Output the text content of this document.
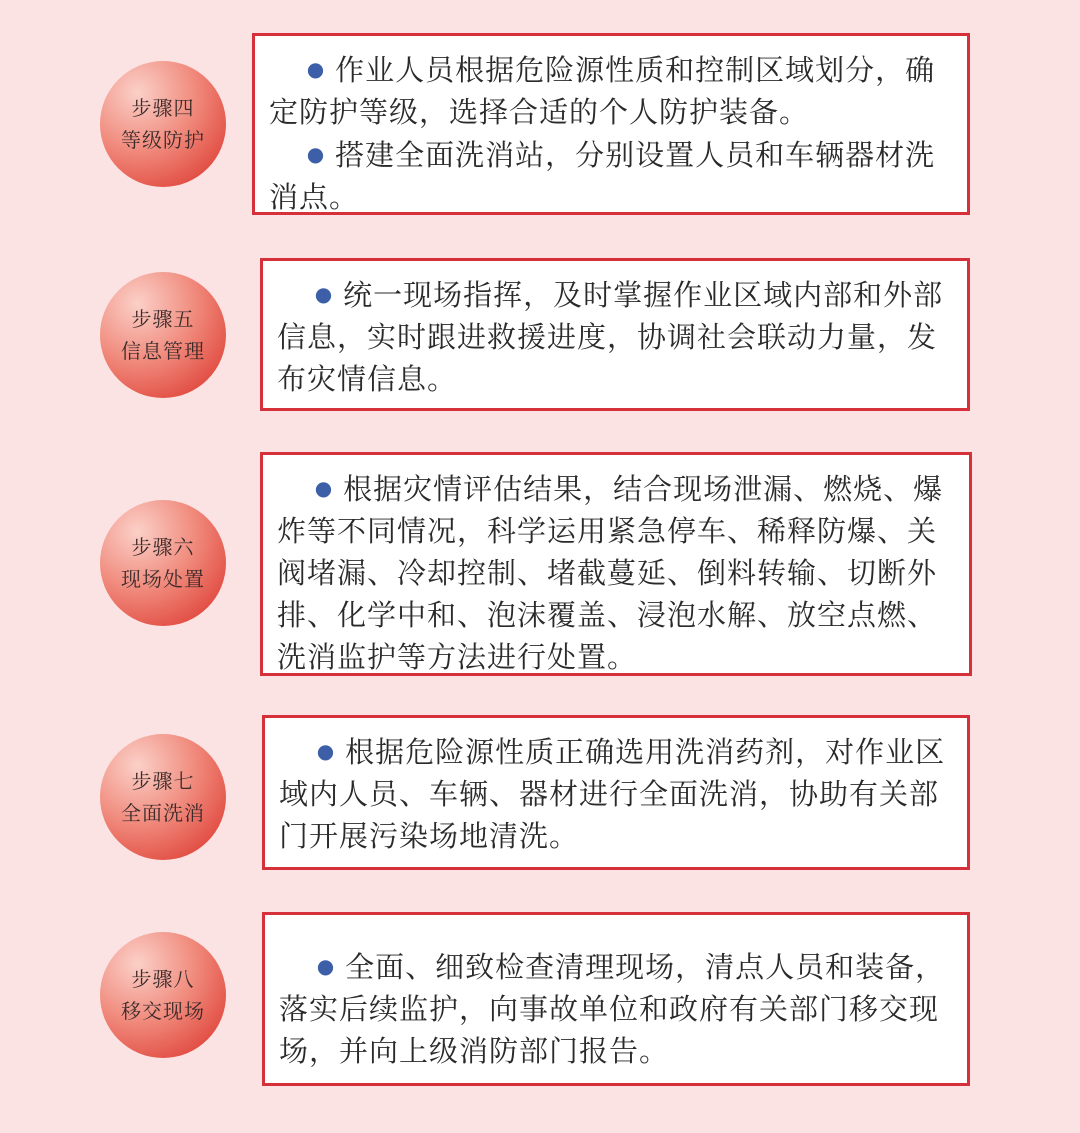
步骤四
等级防护

● 作业人员根据危险源性质和控制区域划分，确定防护等级，选择合适的个人防护装备。

● 搭建全面洗消站，分别设置人员和车辆器材洗消点。

步骤五
信息管理

● 统一现场指挥，及时掌握作业区域内部和外部信息，实时跟进救援进度，协调社会联动力量，发布灾情信息。

步骤六
现场处置

● 根据灾情评估结果，结合现场泄漏、燃烧、爆炸等不同情况，科学运用紧急停车、稀释防爆、关阀堵漏、冷却控制、堵截蔓延、倒料转输、切断外排、化学中和、泡沫覆盖、浸泡水解、放空点燃、洗消监护等方法进行处置。

步骤七
全面洗消

● 根据危险源性质正确选用洗消药剂，对作业区域内人员、车辆、器材进行全面洗消，协助有关部门开展污染场地清洗。

步骤八
移交现场

● 全面、细致检查清理现场，清点人员和装备，落实后续监护，向事故单位和政府有关部门移交现场，并向上级消防部门报告。
